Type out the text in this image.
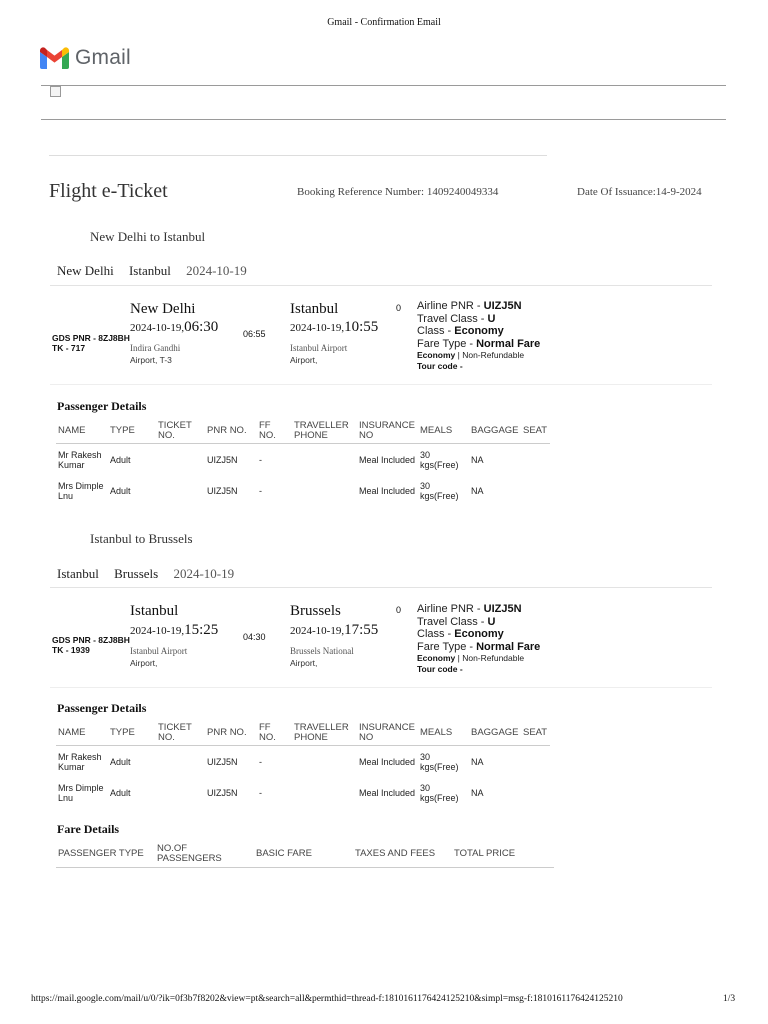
Gmail - Confirmation Email
Gmail
Flight e-Ticket	Booking Reference Number: 1409240049334	Date Of Issuance:14-9-2024
New Delhi to Istanbul
New Delhi Istanbul 2024-10-19
GDS PNR - 8ZJ8BH
TK - 717
New Delhi
2024-10-19,06:30
Indira Gandhi
Airport, T-3
06:55
Istanbul
2024-10-19,10:55
Istanbul Airport
Airport,
0 Airline PNR - UIZJ5N
Travel Class - U
Class - Economy
Fare Type - Normal Fare
Economy | Non-Refundable
Tour code -
Passenger Details
NAME	TYPE	TICKET NO.	PNR NO.	FF NO.	TRAVELLER PHONE	INSURANCE NO	MEALS	BAGGAGE	SEAT
Mr Rakesh Kumar	Adult		UIZJ5N	-		Meal Included	30 kgs(Free)	NA	
Mrs Dimple Lnu	Adult		UIZJ5N	-		Meal Included	30 kgs(Free)	NA	
Istanbul to Brussels
Istanbul Brussels 2024-10-19
GDS PNR - 8ZJ8BH
TK - 1939
Istanbul
2024-10-19,15:25
Istanbul Airport
Airport,
04:30
Brussels
2024-10-19,17:55
Brussels National
Airport,
0 Airline PNR - UIZJ5N
Travel Class - U
Class - Economy
Fare Type - Normal Fare
Economy | Non-Refundable
Tour code -
Passenger Details
NAME	TYPE	TICKET NO.	PNR NO.	FF NO.	TRAVELLER PHONE	INSURANCE NO	MEALS	BAGGAGE	SEAT
Mr Rakesh Kumar	Adult		UIZJ5N	-		Meal Included	30 kgs(Free)	NA	
Mrs Dimple Lnu	Adult		UIZJ5N	-		Meal Included	30 kgs(Free)	NA	
Fare Details
PASSENGER TYPE	NO.OF PASSENGERS	BASIC FARE	TAXES AND FEES	TOTAL PRICE
https://mail.google.com/mail/u/0/?ik=0f3b7f8202&view=pt&search=all&permthid=thread-f:1810161176424125210&simpl=msg-f:1810161176424125210	1/3
